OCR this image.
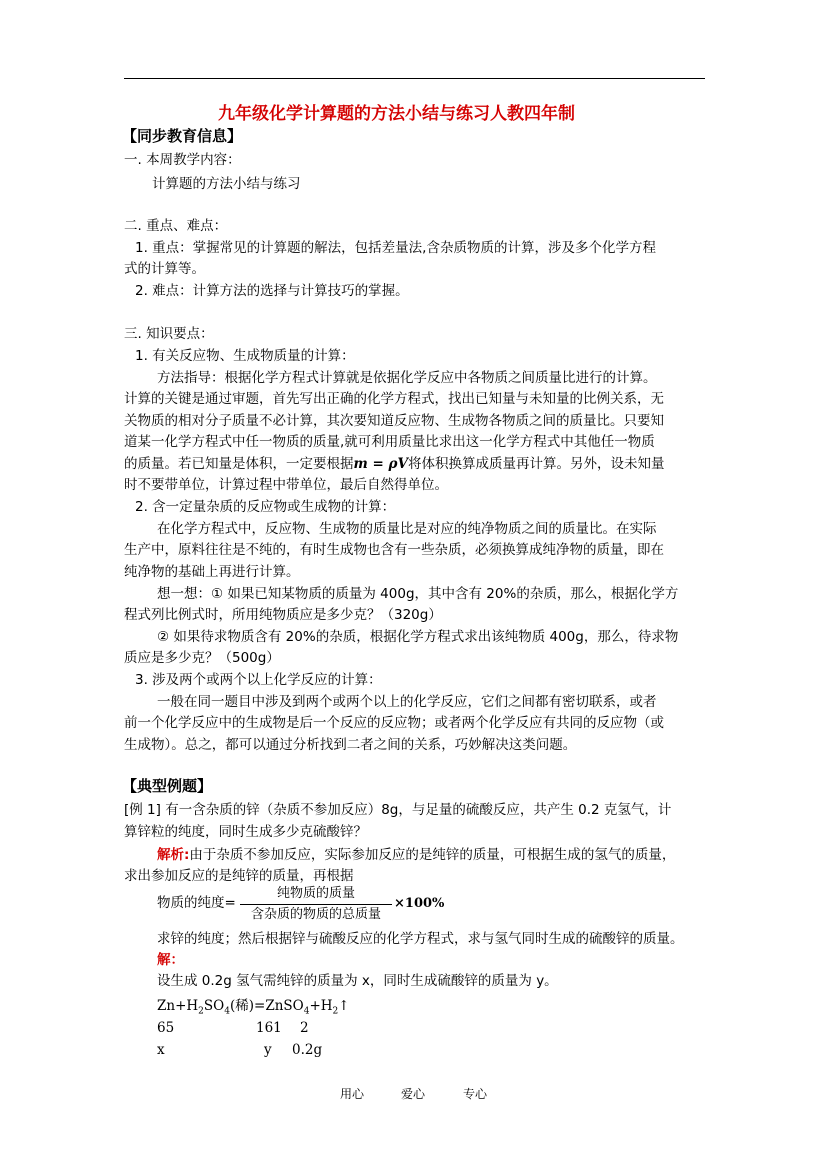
九年级化学计算题的方法小结与练习人教四年制
【同步教育信息】
一. 本周教学内容：
计算题的方法小结与练习
二. 重点、难点：
1. 重点：掌握常见的计算题的解法，包括差量法,含杂质物质的计算，涉及多个化学方程
式的计算等。
2. 难点：计算方法的选择与计算技巧的掌握。
三. 知识要点：
1. 有关反应物、生成物质量的计算：
方法指导：根据化学方程式计算就是依据化学反应中各物质之间质量比进行的计算。
计算的关键是通过审题，首先写出正确的化学方程式，找出已知量与未知量的比例关系，无
关物质的相对分子质量不必计算，其次要知道反应物、生成物各物质之间的质量比。只要知
道某一化学方程式中任一物质的质量,就可利用质量比求出这一化学方程式中其他任一物质
的质量。若已知量是体积，一定要根据m = ρV将体积换算成质量再计算。另外，设未知量
时不要带单位，计算过程中带单位，最后自然得单位。
2. 含一定量杂质的反应物或生成物的计算：
在化学方程式中，反应物、生成物的质量比是对应的纯净物质之间的质量比。在实际
生产中，原料往往是不纯的，有时生成物也含有一些杂质，必须换算成纯净物的质量，即在
纯净物的基础上再进行计算。
想一想：① 如果已知某物质的质量为 400g，其中含有 20%的杂质，那么，根据化学方
程式列比例式时，所用纯物质应是多少克？（320g）
② 如果待求物质含有 20%的杂质，根据化学方程式求出该纯物质 400g，那么，待求物
质应是多少克？（500g）
3. 涉及两个或两个以上化学反应的计算：
一般在同一题目中涉及到两个或两个以上的化学反应，它们之间都有密切联系，或者
前一个化学反应中的生成物是后一个反应的反应物；或者两个化学反应有共同的反应物（或
生成物）。总之，都可以通过分析找到二者之间的关系，巧妙解决这类问题。
【典型例题】
[例 1] 有一含杂质的锌（杂质不参加反应）8g，与足量的硫酸反应，共产生 0.2 克氢气，计
算锌粒的纯度，同时生成多少克硫酸锌？
解析:由于杂质不参加反应，实际参加反应的是纯锌的质量，可根据生成的氢气的质量，
求出参加反应的是纯锌的质量，再根据
物质的纯度=
纯物质的质量
含杂质的物质的总质量
×100%
求锌的纯度；然后根据锌与硫酸反应的化学方程式，求与氢气同时生成的硫酸锌的质量。
解：
设生成 0.2g 氢气需纯锌的质量为 x，同时生成硫酸锌的质量为 y。
$Zn+H_2SO_4$(稀)$=ZnSO_4+H_2↑$
65	161 2
x	y 0.2g
用心	爱心	专心
